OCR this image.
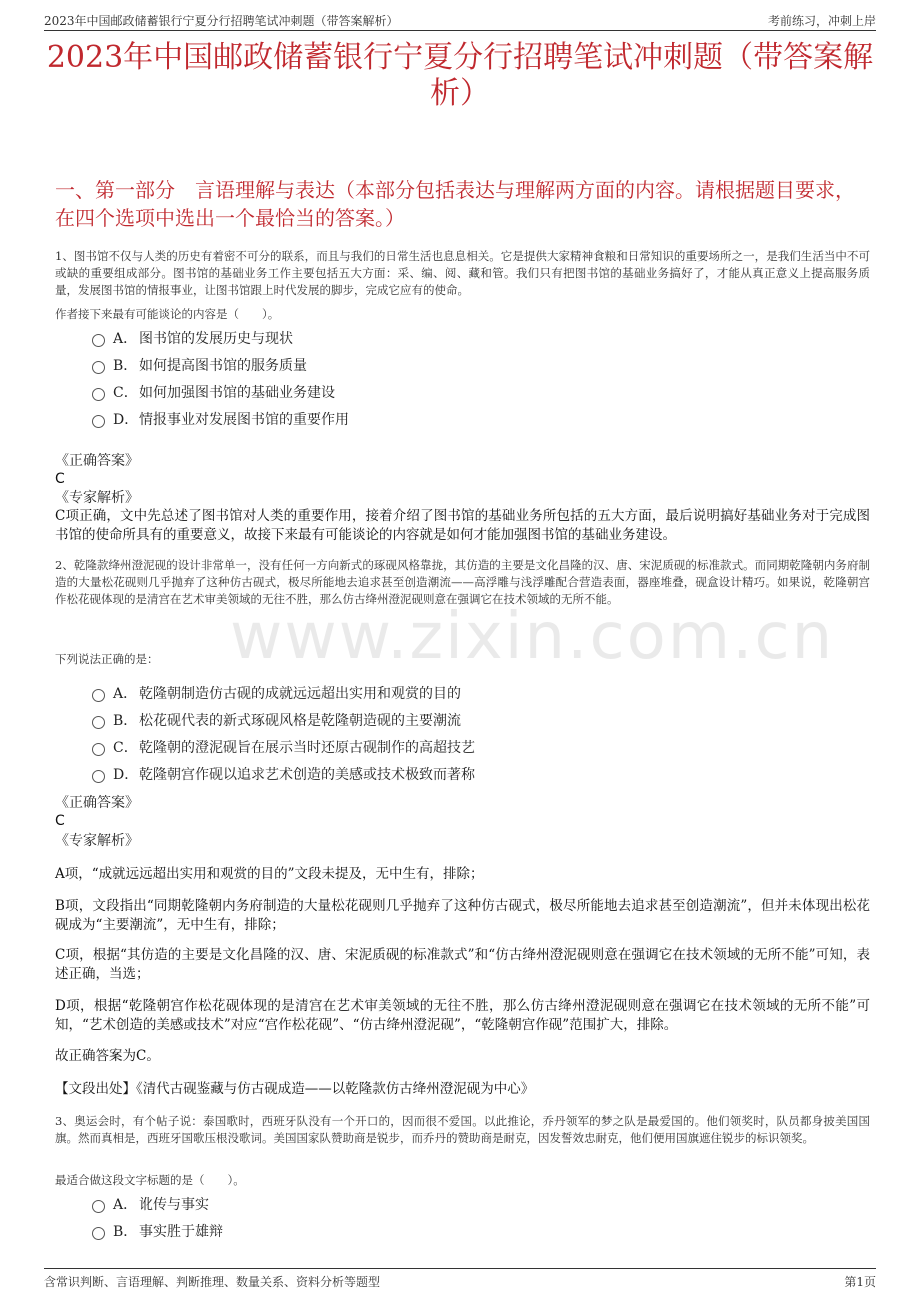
2023年中国邮政储蓄银行宁夏分行招聘笔试冲刺题（带答案解析）	考前练习，冲刺上岸
2023年中国邮政储蓄银行宁夏分行招聘笔试冲刺题（带答案解析）
一、第一部分　言语理解与表达（本部分包括表达与理解两方面的内容。请根据题目要求，在四个选项中选出一个最恰当的答案。）
www.zixin.com.cn
1、图书馆不仅与人类的历史有着密不可分的联系，而且与我们的日常生活也息息相关。它是提供大家精神食粮和日常知识的重要场所之一，是我们生活当中不可或缺的重要组成部分。图书馆的基础业务工作主要包括五大方面：采、编、阅、藏和管。我们只有把图书馆的基础业务搞好了，才能从真正意义上提高服务质量，发展图书馆的情报事业，让图书馆跟上时代发展的脚步，完成它应有的使命。
作者接下来最有可能谈论的内容是（　　）。
A． 图书馆的发展历史与现状
B． 如何提高图书馆的服务质量
C．如何加强图书馆的基础业务建设
D．情报事业对发展图书馆的重要作用
《正确答案》
C
《专家解析》
C项正确，文中先总述了图书馆对人类的重要作用，接着介绍了图书馆的基础业务所包括的五大方面，最后说明搞好基础业务对于完成图书馆的使命所具有的重要意义，故接下来最有可能谈论的内容就是如何才能加强图书馆的基础业务建设。
2、乾隆款绛州澄泥砚的设计非常单一，没有任何一方向新式的琢砚风格靠拢，其仿造的主要是文化昌隆的汉、唐、宋泥质砚的标准款式。而同期乾隆朝内务府制造的大量松花砚则几乎抛弃了这种仿古砚式，极尽所能地去追求甚至创造潮流——高浮雕与浅浮雕配合营造表面，器座堆叠，砚盒设计精巧。如果说，乾隆朝宫作松花砚体现的是清宫在艺术审美领域的无往不胜，那么仿古绛州澄泥砚则意在强调它在技术领域的无所不能。
下列说法正确的是：
A． 乾隆朝制造仿古砚的成就远远超出实用和观赏的目的
B． 松花砚代表的新式琢砚风格是乾隆朝造砚的主要潮流
C．乾隆朝的澄泥砚旨在展示当时还原古砚制作的高超技艺
D．乾隆朝宫作砚以追求艺术创造的美感或技术极致而著称
《正确答案》
C
《专家解析》
A项，“成就远远超出实用和观赏的目的”文段未提及，无中生有，排除；
B项，文段指出“同期乾隆朝内务府制造的大量松花砚则几乎抛弃了这种仿古砚式，极尽所能地去追求甚至创造潮流”，但并未体现出松花砚成为“主要潮流”，无中生有，排除；
C项，根据“其仿造的主要是文化昌隆的汉、唐、宋泥质砚的标准款式”和“仿古绛州澄泥砚则意在强调它在技术领域的无所不能”可知，表述正确，当选；
D项，根据“乾隆朝宫作松花砚体现的是清宫在艺术审美领域的无往不胜，那么仿古绛州澄泥砚则意在强调它在技术领域的无所不能”可知，“艺术创造的美感或技术”对应“宫作松花砚”、“仿古绛州澄泥砚”，“乾隆朝宫作砚”范围扩大，排除。
故正确答案为C。
【文段出处】《清代古砚鉴藏与仿古砚成造——以乾隆款仿古绛州澄泥砚为中心》
3、奥运会时，有个帖子说：泰国歌时，西班牙队没有一个开口的，因而很不爱国。以此推论，乔丹领军的梦之队是最爱国的。他们领奖时，队员都身披美国国旗。然而真相是，西班牙国歌压根没歌词。美国国家队赞助商是锐步，而乔丹的赞助商是耐克，因发誓效忠耐克，他们便用国旗遮住锐步的标识领奖。
最适合做这段文字标题的是（　　）。
A． 讹传与事实
B． 事实胜于雄辩
含常识判断、言语理解、判断推理、数量关系、资料分析等题型	第1页
